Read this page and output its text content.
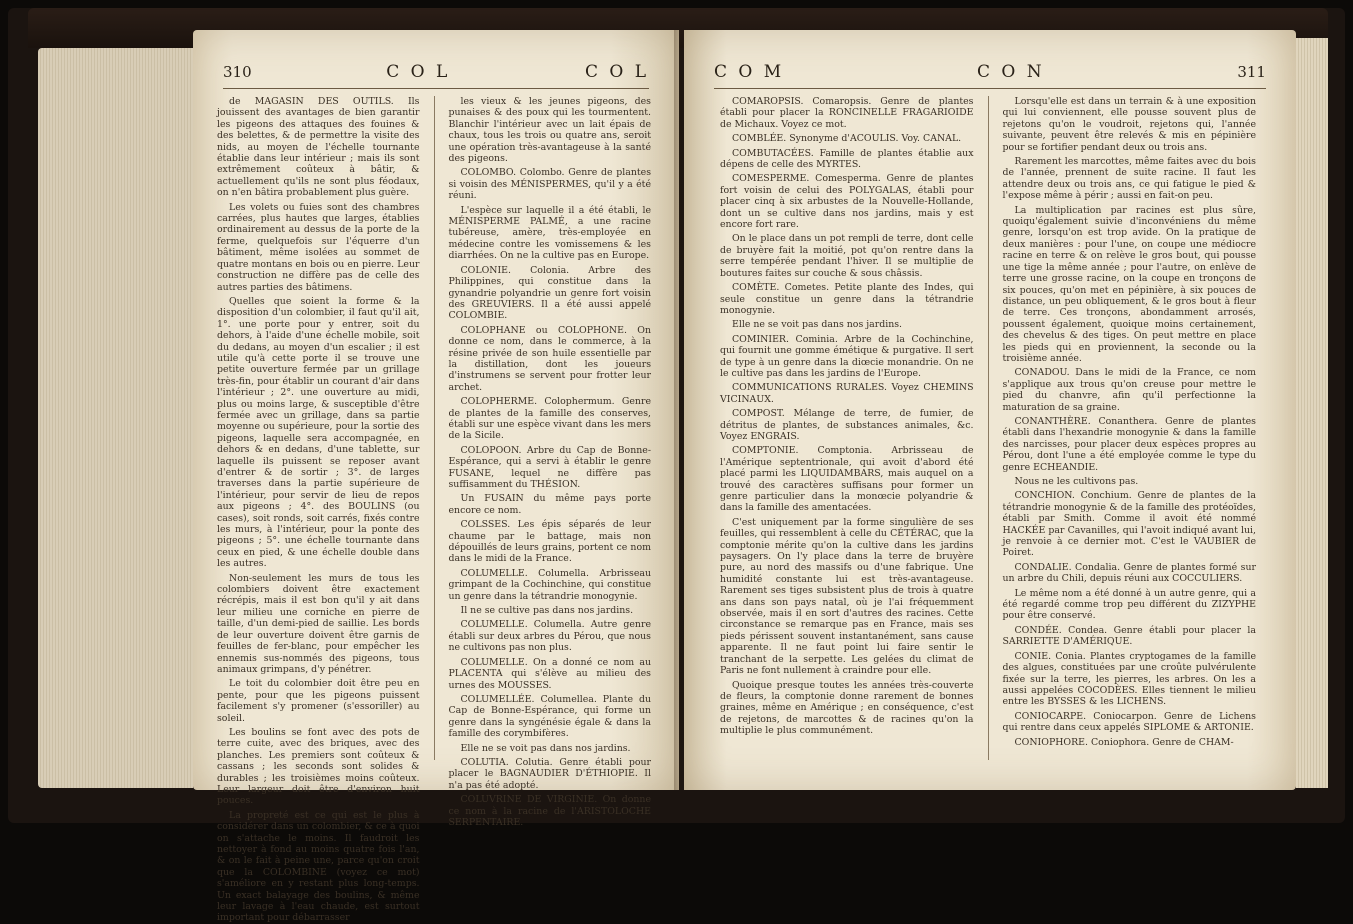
310	C O L	C O L

de MAGASIN DES OUTILS. Ils jouissent des avantages de bien garantir les pigeons des attaques des fouines & des belettes, & de permettre la visite des nids, au moyen de l'échelle tournante établie dans leur intérieur ; mais ils sont extrêmement coûteux à bâtir, & actuellement qu'ils ne sont plus féodaux, on n'en bâtira probablement plus guère.

Les volets ou fuies sont des chambres carrées, plus hautes que larges, établies ordinairement au dessus de la porte de la ferme, quelquefois sur l'équerre d'un bâtiment, même isolées au sommet de quatre montans en bois ou en pierre. Leur construction ne diffère pas de celle des autres parties des bâtimens.

Quelles que soient la forme & la disposition d'un colombier, il faut qu'il ait, 1°. une porte pour y entrer, soit du dehors, à l'aide d'une échelle mobile, soit du dedans, au moyen d'un escalier ; il est utile qu'à cette porte il se trouve une petite ouverture fermée par un grillage très-fin, pour établir un courant d'air dans l'intérieur ; 2°. une ouverture au midi, plus ou moins large, & susceptible d'être fermée avec un grillage, dans sa partie moyenne ou supérieure, pour la sortie des pigeons, laquelle sera accompagnée, en dehors & en dedans, d'une tablette, sur laquelle ils puissent se reposer avant d'entrer & de sortir ; 3°. de larges traverses dans la partie supérieure de l'intérieur, pour servir de lieu de repos aux pigeons ; 4°. des BOULINS (ou cases), soit ronds, soit carrés, fixés contre les murs, à l'intérieur, pour la ponte des pigeons ; 5°. une échelle tournante dans ceux en pied, & une échelle double dans les autres.

Non-seulement les murs de tous les colombiers doivent être exactement récrépis, mais il est bon qu'il y ait dans leur milieu une corniche en pierre de taille, d'un demi-pied de saillie. Les bords de leur ouverture doivent être garnis de feuilles de fer-blanc, pour empêcher les ennemis sus-nommés des pigeons, tous animaux grimpans, d'y pénétrer.

Le toit du colombier doit être peu en pente, pour que les pigeons puissent facilement s'y promener (s'essoriller) au soleil.

Les boulins se font avec des pots de terre cuite, avec des briques, avec des planches. Les premiers sont coûteux & cassans ; les seconds sont solides & durables ; les troisièmes moins coûteux. Leur largeur doit être d'environ huit pouces.

La propreté est ce qui est le plus à considérer dans un colombier, & ce à quoi on s'attache le moins. Il faudroit les nettoyer à fond au moins quatre fois l'an, & on le fait à peine une, parce qu'on croit que la COLOMBINE (voyez ce mot) s'améliore en y restant plus long-temps. Un exact balayage des boulins, & même leur lavage à l'eau chaude, est surtout important pour débarrasser

les vieux & les jeunes pigeons, des punaises & des poux qui les tourmentent. Blanchir l'intérieur avec un lait épais de chaux, tous les trois ou quatre ans, seroit une opération très-avantageuse à la santé des pigeons.

COLOMBO. Colombo. Genre de plantes si voisin des MÉNISPERMES, qu'il y a été réuni.

L'espèce sur laquelle il a été établi, le MÉNISPERME PALMÉ, a une racine tubéreuse, amère, très-employée en médecine contre les vomissemens & les diarrhées. On ne la cultive pas en Europe.

COLONIE. Colonia. Arbre des Philippines, qui constitue dans la gynandrie polyandrie un genre fort voisin des GREUVIERS. Il a été aussi appelé COLOMBIE.

COLOPHANE ou COLOPHONE. On donne ce nom, dans le commerce, à la résine privée de son huile essentielle par la distillation, dont les joueurs d'instrumens se servent pour frotter leur archet.

COLOPHERME. Colophermum. Genre de plantes de la famille des conserves, établi sur une espèce vivant dans les mers de la Sicile.

COLOPOON. Arbre du Cap de Bonne-Espérance, qui a servi à établir le genre FUSANE, lequel ne diffère pas suffisamment du THÉSION.

Un FUSAIN du même pays porte encore ce nom.

COLSSES. Les épis séparés de leur chaume par le battage, mais non dépouillés de leurs grains, portent ce nom dans le midi de la France.

COLUMELLE. Columella. Arbrisseau grimpant de la Cochinchine, qui constitue un genre dans la tétrandrie monogynie.

Il ne se cultive pas dans nos jardins.

COLUMELLE. Columella. Autre genre établi sur deux arbres du Pérou, que nous ne cultivons pas non plus.

COLUMELLE. On a donné ce nom au PLACENTA qui s'élève au milieu des urnes des MOUSSES.

COLUMELLÉE. Columellea. Plante du Cap de Bonne-Espérance, qui forme un genre dans la syngénésie égale & dans la famille des corymbifères.

Elle ne se voit pas dans nos jardins.

COLUTIA. Colutia. Genre établi pour placer le BAGNAUDIER D'ÉTHIOPIE. Il n'a pas été adopté.

COLUVRINE DE VIRGINIE. On donne ce nom à la racine de l'ARISTOLOCHE SERPENTAIRE.

C O M	C O N	311

COMAROPSIS. Comaropsis. Genre de plantes établi pour placer la RONCINELLE FRAGARIOIDE de Michaux. Voyez ce mot.

COMBLÉE. Synonyme d'ACOULIS. Voy. CANAL.

COMBUTACÉES. Famille de plantes établie aux dépens de celle des MYRTES.

COMESPERME. Comesperma. Genre de plantes fort voisin de celui des POLYGALAS, établi pour placer cinq à six arbustes de la Nouvelle-Hollande, dont un se cultive dans nos jardins, mais y est encore fort rare.

On le place dans un pot rempli de terre, dont celle de bruyère fait la moitié, pot qu'on rentre dans la serre tempérée pendant l'hiver. Il se multiplie de boutures faites sur couche & sous châssis.

COMÈTE. Cometes. Petite plante des Indes, qui seule constitue un genre dans la tétrandrie monogynie.

Elle ne se voit pas dans nos jardins.

COMINIER. Cominia. Arbre de la Cochinchine, qui fournit une gomme émétique & purgative. Il sert de type à un genre dans la diœcie monandrie. On ne le cultive pas dans les jardins de l'Europe.

COMMUNICATIONS RURALES. Voyez CHEMINS VICINAUX.

COMPOST. Mélange de terre, de fumier, de détritus de plantes, de substances animales, &c. Voyez ENGRAIS.

COMPTONIE. Comptonia. Arbrisseau de l'Amérique septentrionale, qui avoit d'abord été placé parmi les LIQUIDAMBARS, mais auquel on a trouvé des caractères suffisans pour former un genre particulier dans la monœcie polyandrie & dans la famille des amentacées.

C'est uniquement par la forme singulière de ses feuilles, qui ressemblent à celle du CÉTÉRAC, que la comptonie mérite qu'on la cultive dans les jardins paysagers. On l'y place dans la terre de bruyère pure, au nord des massifs ou d'une fabrique. Une humidité constante lui est très-avantageuse. Rarement ses tiges subsistent plus de trois à quatre ans dans son pays natal, où je l'ai fréquemment observée, mais il en sort d'autres des racines. Cette circonstance se remarque pas en France, mais ses pieds périssent souvent instantanément, sans cause apparente. Il ne faut point lui faire sentir le tranchant de la serpette. Les gelées du climat de Paris ne font nullement à craindre pour elle.

Quoique presque toutes les années très-couverte de fleurs, la comptonie donne rarement de bonnes graines, même en Amérique ; en conséquence, c'est de rejetons, de marcottes & de racines qu'on la multiplie le plus communément.

Lorsqu'elle est dans un terrain & à une exposition qui lui conviennent, elle pousse souvent plus de rejetons qu'on le voudroit, rejetons qui, l'année suivante, peuvent être relevés & mis en pépinière pour se fortifier pendant deux ou trois ans.

Rarement les marcottes, même faites avec du bois de l'année, prennent de suite racine. Il faut les attendre deux ou trois ans, ce qui fatigue le pied & l'expose même à périr ; aussi en fait-on peu.

La multiplication par racines est plus sûre, quoiqu'également suivie d'inconvéniens du même genre, lorsqu'on est trop avide. On la pratique de deux manières : pour l'une, on coupe une médiocre racine en terre & on relève le gros bout, qui pousse une tige la même année ; pour l'autre, on enlève de terre une grosse racine, on la coupe en tronçons de six pouces, qu'on met en pépinière, à six pouces de distance, un peu obliquement, & le gros bout à fleur de terre. Ces tronçons, abondamment arrosés, poussent également, quoique moins certainement, des chevelus & des tiges. On peut mettre en place les pieds qui en proviennent, la seconde ou la troisième année.

CONADOU. Dans le midi de la France, ce nom s'applique aux trous qu'on creuse pour mettre le pied du chanvre, afin qu'il perfectionne la maturation de sa graine.

CONANTHÈRE. Conanthera. Genre de plantes établi dans l'hexandrie monogynie & dans la famille des narcisses, pour placer deux espèces propres au Pérou, dont l'une a été employée comme le type du genre ECHEANDIE.

Nous ne les cultivons pas.

CONCHION. Conchium. Genre de plantes de la tétrandrie monogynie & de la famille des protéoïdes, établi par Smith. Comme il avoit été nommé HACKÉE par Cavanilles, qui l'avoit indiqué avant lui, je renvoie à ce dernier mot. C'est le VAUBIER de Poiret.

CONDALIE. Condalia. Genre de plantes formé sur un arbre du Chili, depuis réuni aux COCCULIERS.

Le même nom a été donné à un autre genre, qui a été regardé comme trop peu différent du ZIZYPHE pour être conservé.

CONDÉE. Condea. Genre établi pour placer la SARRIETTE D'AMÉRIQUE.

CONIE. Conia. Plantes cryptogames de la famille des algues, constituées par une croûte pulvérulente fixée sur la terre, les pierres, les arbres. On les a aussi appelées COCODÈES. Elles tiennent le milieu entre les BYSSES & les LICHENS.

CONIOCARPE. Coniocarpon. Genre de Lichens qui rentre dans ceux appelés SIPLOME & ARTONIE.

CONIOPHORE. Coniophora. Genre de CHAM-
